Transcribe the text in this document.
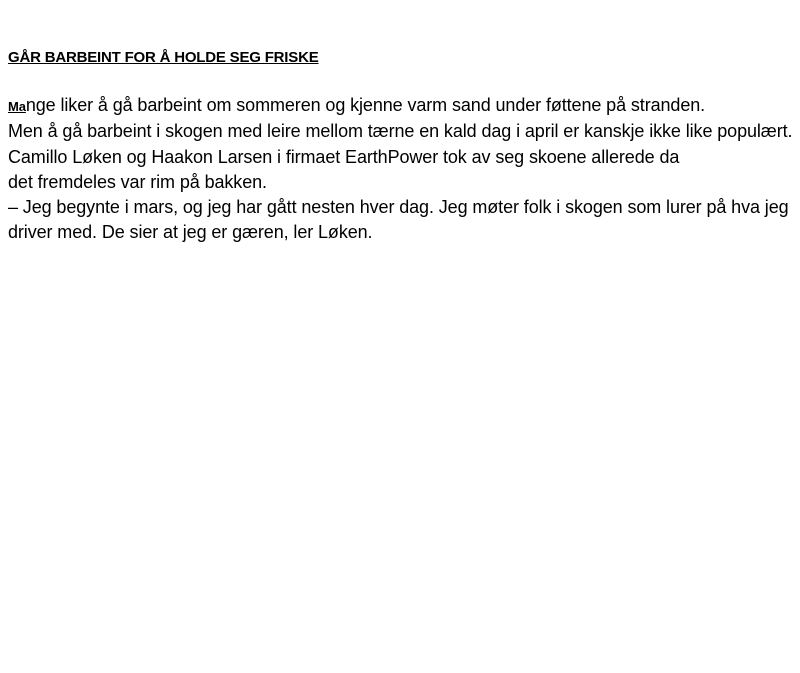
GÅR BARBEINT FOR Å HOLDE SEG FRISKE

Mange liker å gå barbeint om sommeren og kjenne varm sand under føttene på stranden.

Men å gå barbeint i skogen med leire mellom tærne en kald dag i april er kanskje ikke like populært.

Camillo Løken og Haakon Larsen i firmaet EarthPower tok av seg skoene allerede da
det fremdeles var rim på bakken.

– Jeg begynte i mars, og jeg har gått nesten hver dag. Jeg møter folk i skogen som lurer på hva jeg driver med. De sier at jeg er gæren, ler Løken.
